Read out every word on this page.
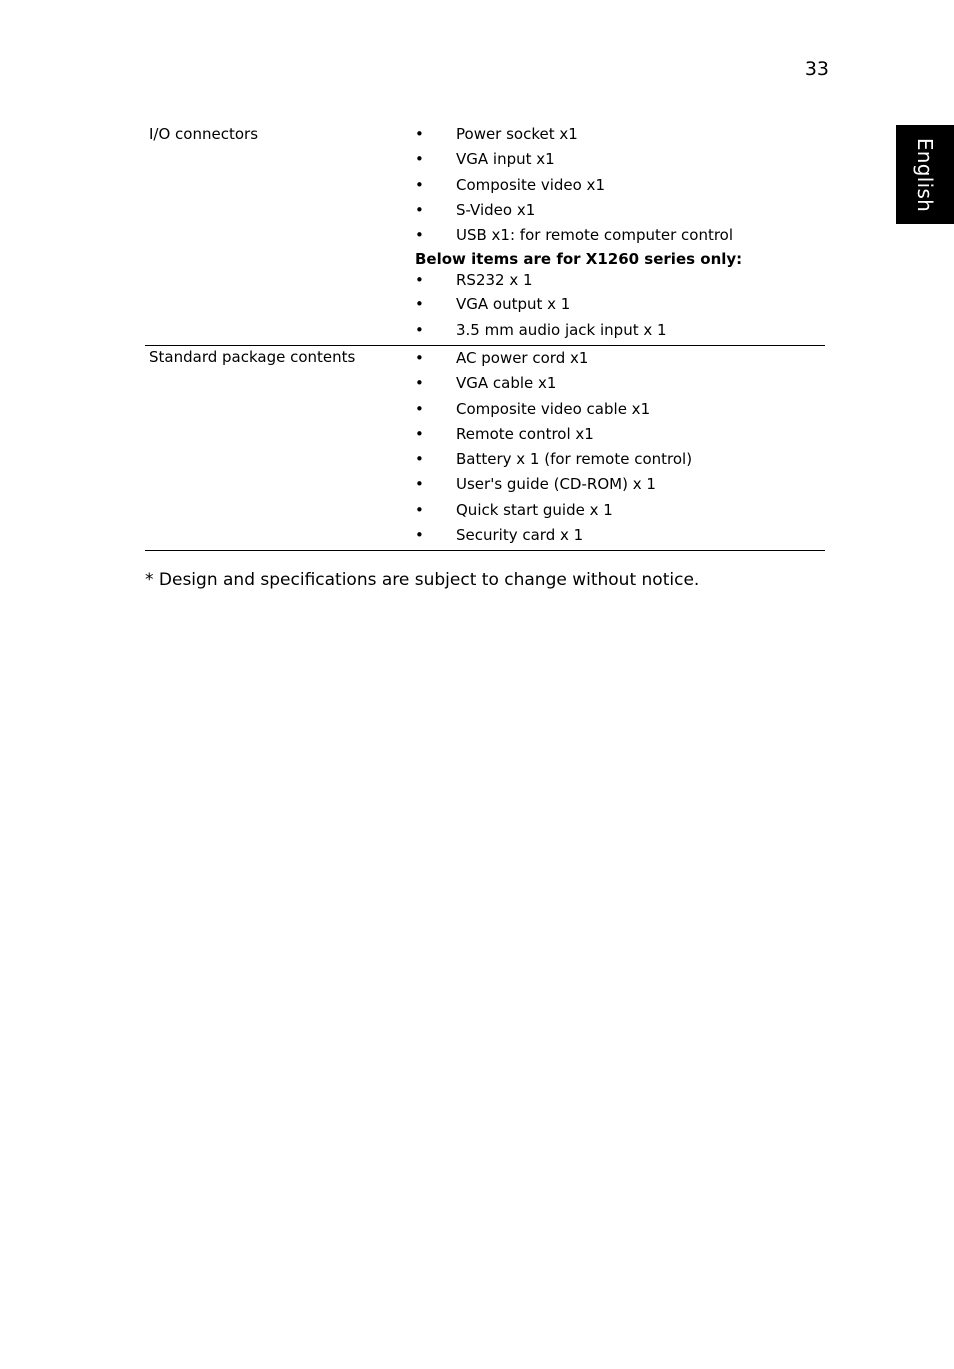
33
English
I/O connectors	• Power socket x1
• VGA input x1
• Composite video x1
• S-Video x1
• USB x1: for remote computer control
Below items are for X1260 series only:
• RS232 x 1
• VGA output x 1
• 3.5 mm audio jack input x 1
Standard package contents	• AC power cord x1
• VGA cable x1
• Composite video cable x1
• Remote control x1
• Battery x 1 (for remote control)
• User's guide (CD-ROM) x 1
• Quick start guide x 1
• Security card x 1
* Design and specifications are subject to change without notice.
